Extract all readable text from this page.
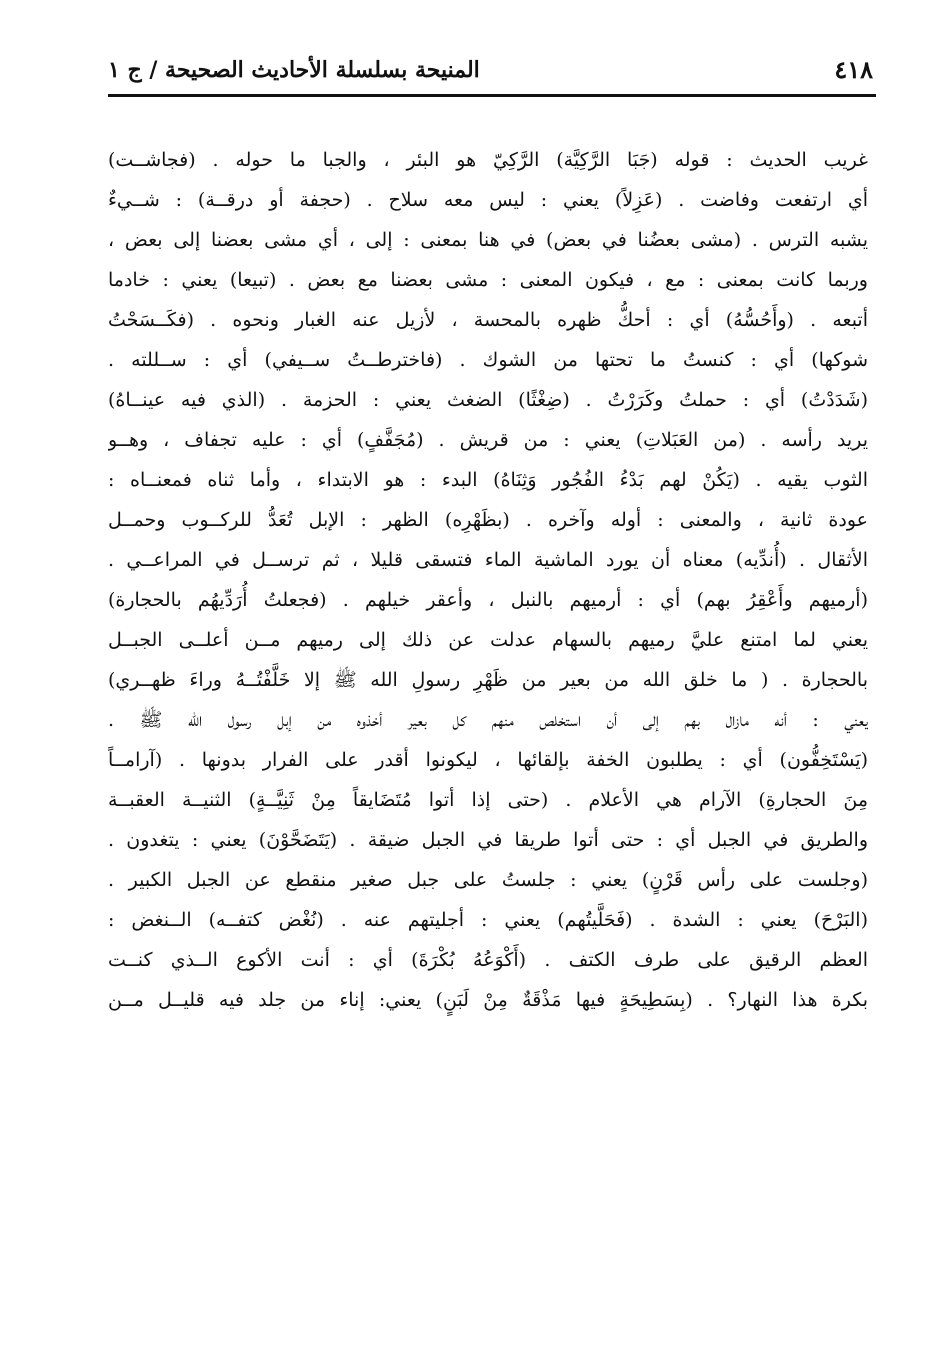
٤١٨
المنيحة بسلسلة الأحاديث الصحيحة / ج ١
غريب الحديث : قوله (جَبَا الرَّكِيَّة) الرَّكِيّ هو البئر ، والجبا ما حوله . (فجاشــت)
أي ارتفعت وفاضت . (عَزِلاً) يعني : ليس معه سلاح . (حجفة أو درقــة) : شــيءٌ
يشبه الترس . (مشى بعضُنا في بعض) في هنا بمعنى : إلى ، أي مشى بعضنا إلى بعض ،
وربما كانت بمعنى : مع ، فيكون المعنى : مشى بعضنا مع بعض . (تبيعا) يعني : خادما
أتبعه . (وأَحُسُّهُ) أي : أحكُّ ظهره بالمحسة ، لأزيل عنه الغبار ونحوه . (فكَــسَحْتُ
شوكها) أي : كنستُ ما تحتها من الشوك . (فاخترطــتُ ســيفي) أي : ســللته .
(شَدَدْتُ) أي : حملتُ وكَرَرْتُ . (ضِغْثًا) الضغث يعني : الحزمة . (الذي فيه عينــاهُ)
يريد رأسه . (من العَبَلاتِ) يعني : من قريش . (مُجَفَّفٍ) أي : عليه تجفاف ، وهــو
الثوب يقيه . (يَكُنْ لهم بَدْءُ الفُجُور وَثِنَاهُ) البدء : هو الابتداء ، وأما ثناه فمعنــاه :
عودة ثانية ، والمعنى : أوله وآخره . (بظَهْرِه) الظهر : الإبل تُعَدُّ للركــوب وحمــل
الأثقال . (أُندِّيه) معناه أن يورد الماشية الماء فتسقى قليلا ، ثم ترســل في المراعــي .
(أرميهم وأَعْقِرُ بهم) أي : أرميهم بالنبل ، وأعقر خيلهم . (فجعلتُ أُرَدِّيهُم بالحجارة)
يعني لما امتنع عليَّ رميهم بالسهام عدلت عن ذلك إلى رميهم مــن أعلــى الجبــل
بالحجارة . ( ما خلق الله من بعير من ظَهْرِ رسولِ الله ﷺ إلا خَلَّفْتُــهُ وراءَ ظهــري)
يعني : أنه مازال بهم إلى أن استخلص منهم كل بعير أخذوه من إبل رسول الله ﷺ .
(يَسْتَخِفُّون) أي : يطلبون الخفة بإلقائها ، ليكونوا أقدر على الفرار بدونها . (آرامــاً
مِنَ الحجارةِ) الآرام هي الأعلام . (حتى إذا أتوا مُتَضَايقاً مِنْ ثَنِيَّــةٍ) الثنيــة العقبــة
والطريق في الجبل أي : حتى أتوا طريقا في الجبل ضيقة . (يَتَضَحَّوْنَ) يعني : يتغدون .
(وجلست على رأس قَرْنٍ) يعني : جلستُ على جبل صغير منقطع عن الجبل الكبير .
(البَرْحَ) يعني : الشدة . (فَحَلَّيتُهم) يعني : أجليتهم عنه . (نُغْض كتفــه) الــنغض :
العظم الرقيق على طرف الكتف . (أَكْوَعُهُ بُكْرَةَ) أي : أنت الأكوع الــذي كنــت
بكرة هذا النهار؟ . (بِسَطِيحَةٍ فيها مَذْقَةٌ مِنْ لَبَنٍ) يعني: إناء من جلد فيه قليــل مــن
